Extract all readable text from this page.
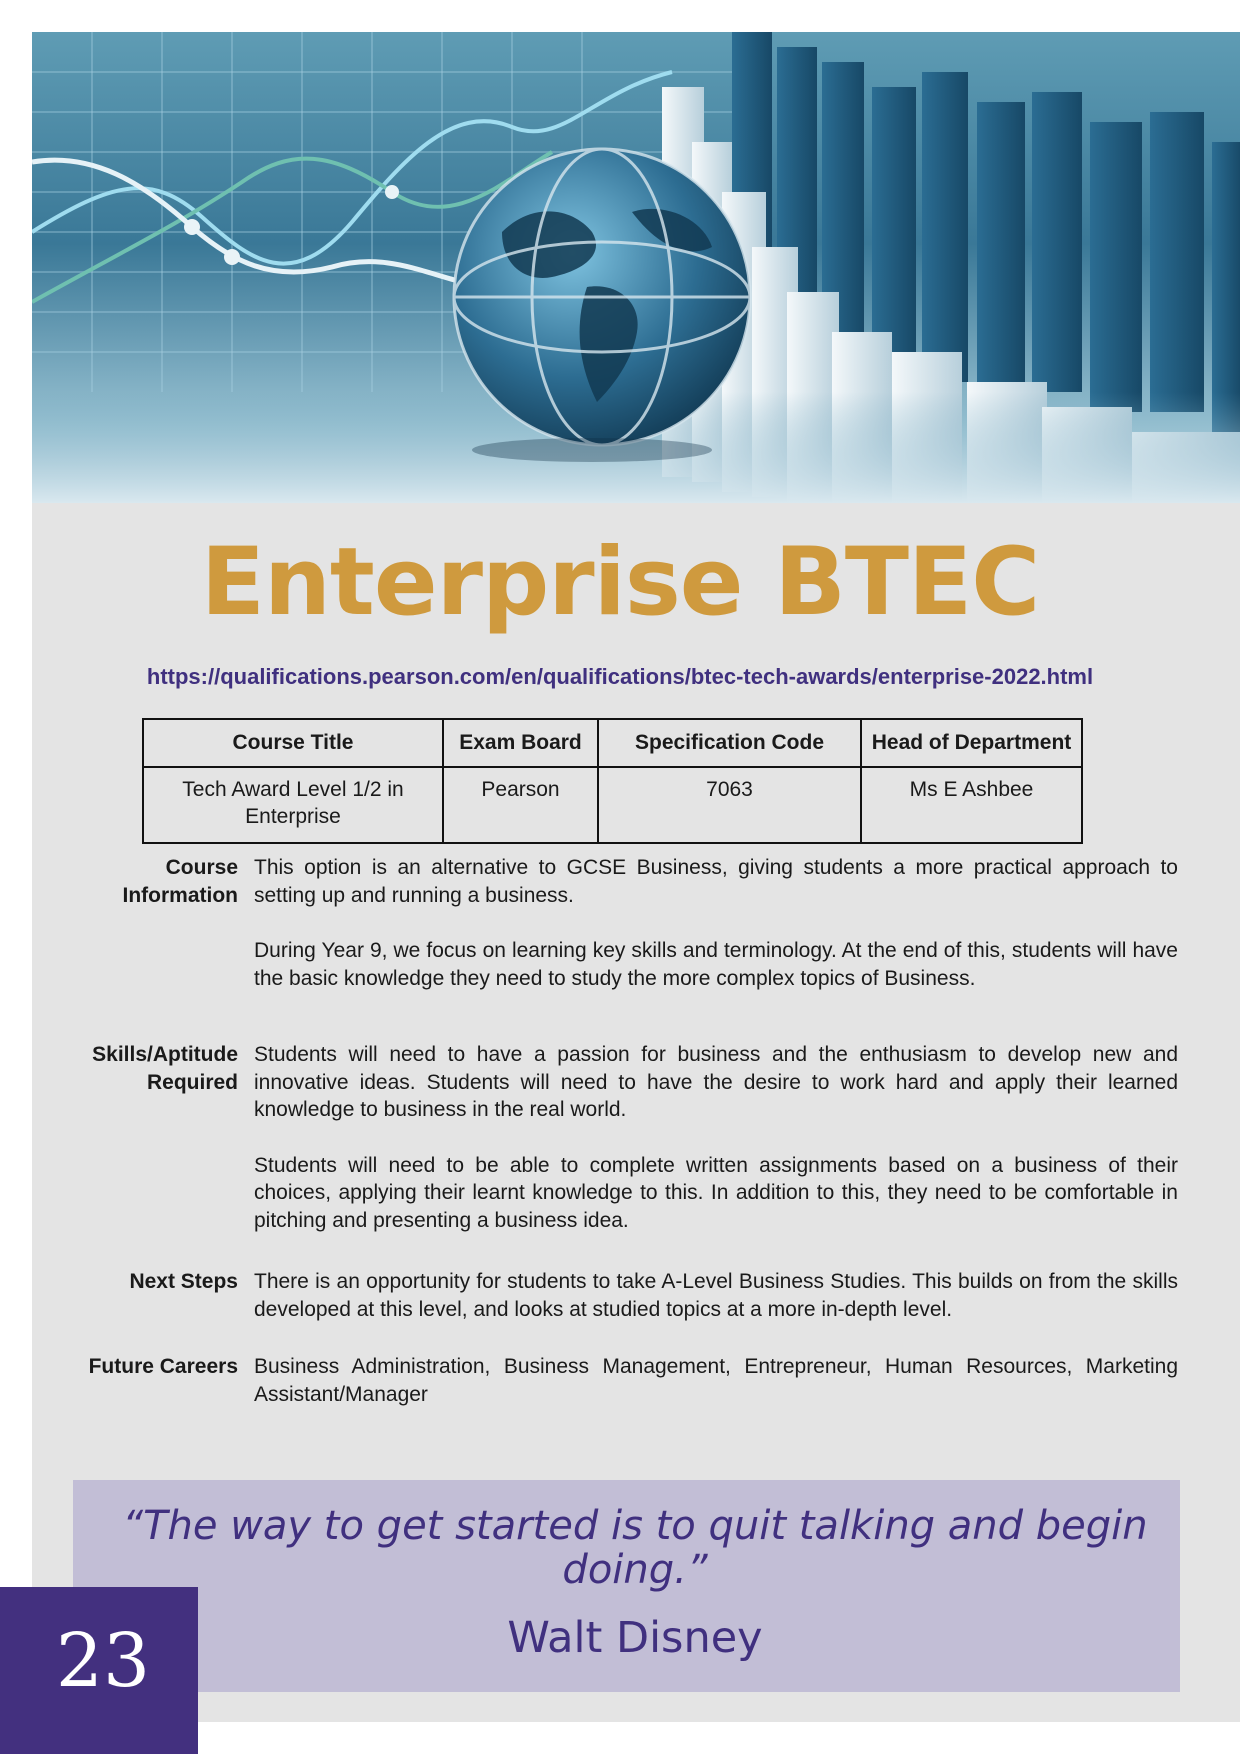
Enterprise BTEC
https://qualifications.pearson.com/en/qualifications/btec-tech-awards/enterprise-2022.html
Course Title	Exam Board	Specification Code	Head of Department
Tech Award Level 1/2 in Enterprise	Pearson	7063	Ms E Ashbee
Course Information

This option is an alternative to GCSE Business, giving students a more practical approach to setting up and running a business.

During Year 9, we focus on learning key skills and terminology. At the end of this, students will have the basic knowledge they need to study the more complex topics of Business.

Skills/Aptitude Required

Students will need to have a passion for business and the enthusiasm to develop new and innovative ideas. Students will need to have the desire to work hard and apply their learned knowledge to business in the real world.

Students will need to be able to complete written assignments based on a business of their choices, applying their learnt knowledge to this. In addition to this, they need to be comfortable in pitching and presenting a business idea.

Next Steps There is an opportunity for students to take A-Level Business Studies. This builds on from the skills developed at this level, and looks at studied topics at a more in-depth level.

Future Careers Business Administration, Business Management, Entrepreneur, Human Resources, Marketing Assistant/Manager

“The way to get started is to quit talking and begin doing.”
Walt Disney
23
